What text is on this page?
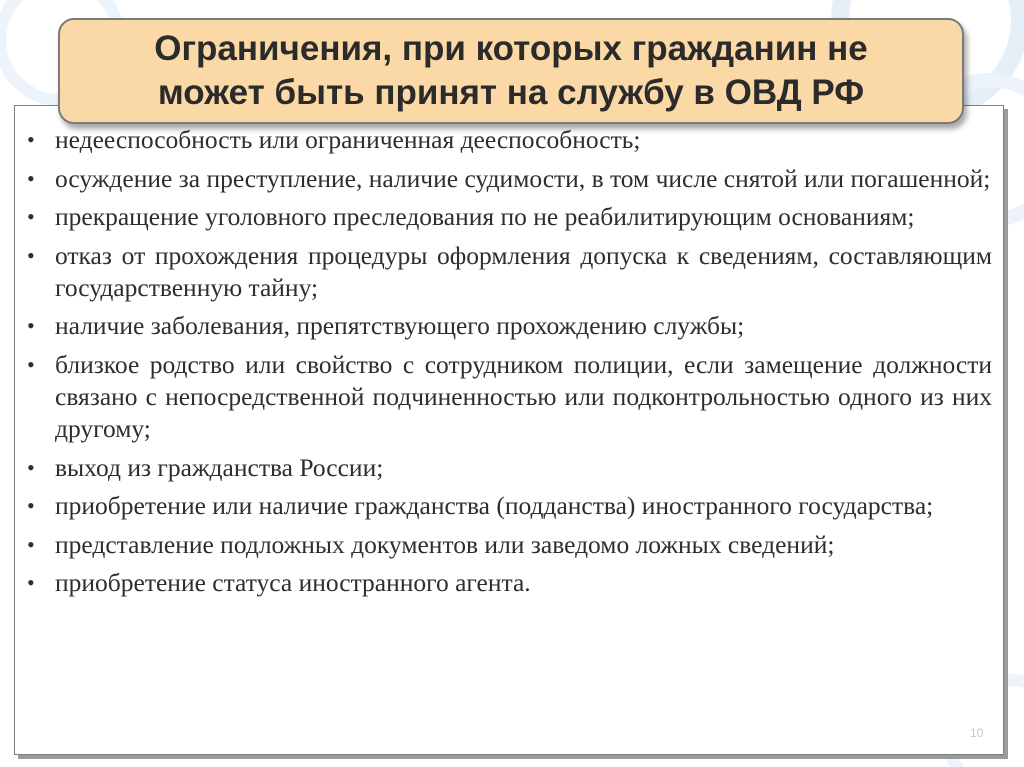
Ограничения, при которых гражданин не может быть принят на службу в ОВД РФ
• недееспособность или ограниченная дееспособность;
• осуждение за преступление, наличие судимости, в том числе снятой или погашенной;
• прекращение уголовного преследования по не реабилитирующим основаниям;
• отказ от прохождения процедуры оформления допуска к сведениям, составляющим государственную тайну;
• наличие заболевания, препятствующего прохождению службы;
• близкое родство или свойство с сотрудником полиции, если замещение должности связано с непосредственной подчиненностью или подконтрольностью одного из них другому;
• выход из гражданства России;
• приобретение или наличие гражданства (подданства) иностранного государства;
• представление подложных документов или заведомо ложных сведений;
• приобретение статуса иностранного агента.
10
